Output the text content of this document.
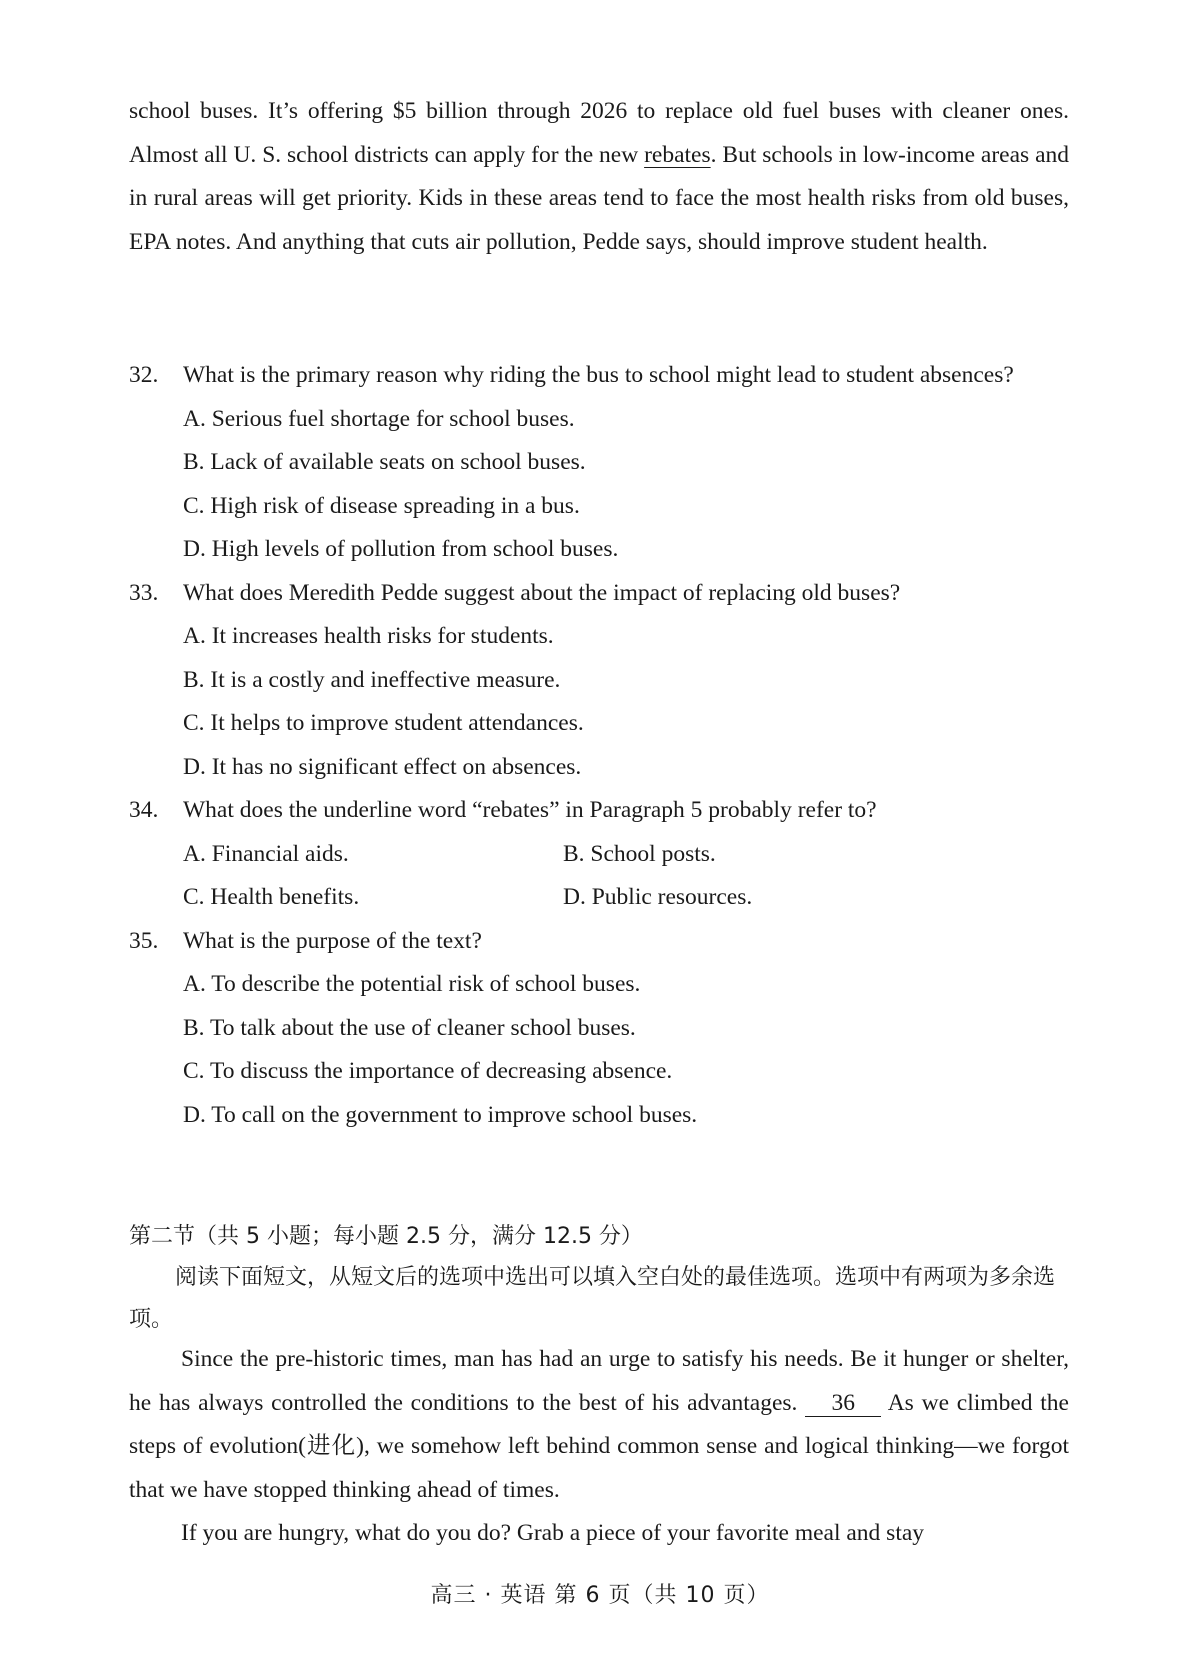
school buses. It’s offering $5 billion through 2026 to replace old fuel buses with cleaner ones. Almost all U. S. school districts can apply for the new rebates. But schools in low-income areas and in rural areas will get priority. Kids in these areas tend to face the most health risks from old buses, EPA notes. And anything that cuts air pollution, Pedde says, should improve student health.

32.	What is the primary reason why riding the bus to school might lead to student absences?
A. Serious fuel shortage for school buses.
B. Lack of available seats on school buses.
C. High risk of disease spreading in a bus.
D. High levels of pollution from school buses.
33.	What does Meredith Pedde suggest about the impact of replacing old buses?
A. It increases health risks for students.
B. It is a costly and ineffective measure.
C. It helps to improve student attendances.
D. It has no significant effect on absences.
34.	What does the underline word “rebates” in Paragraph 5 probably refer to?
A. Financial aids.	B. School posts.
C. Health benefits.	D. Public resources.
35.	What is the purpose of the text?
A. To describe the potential risk of school buses.
B. To talk about the use of cleaner school buses.
C. To discuss the importance of decreasing absence.
D. To call on the government to improve school buses.
第二节（共 5 小题；每小题 2.5 分，满分 12.5 分）

阅读下面短文，从短文后的选项中选出可以填入空白处的最佳选项。选项中有两项为多余选项。

Since the pre-historic times, man has had an urge to satisfy his needs. Be it hunger or shelter, he has always controlled the conditions to the best of his advantages. 36 As we climbed the steps of evolution(进化), we somehow left behind common sense and logical thinking—we forgot that we have stopped thinking ahead of times.

If you are hungry, what do you do? Grab a piece of your favorite meal and stay

高三 · 英语 第 6 页（共 10 页）
